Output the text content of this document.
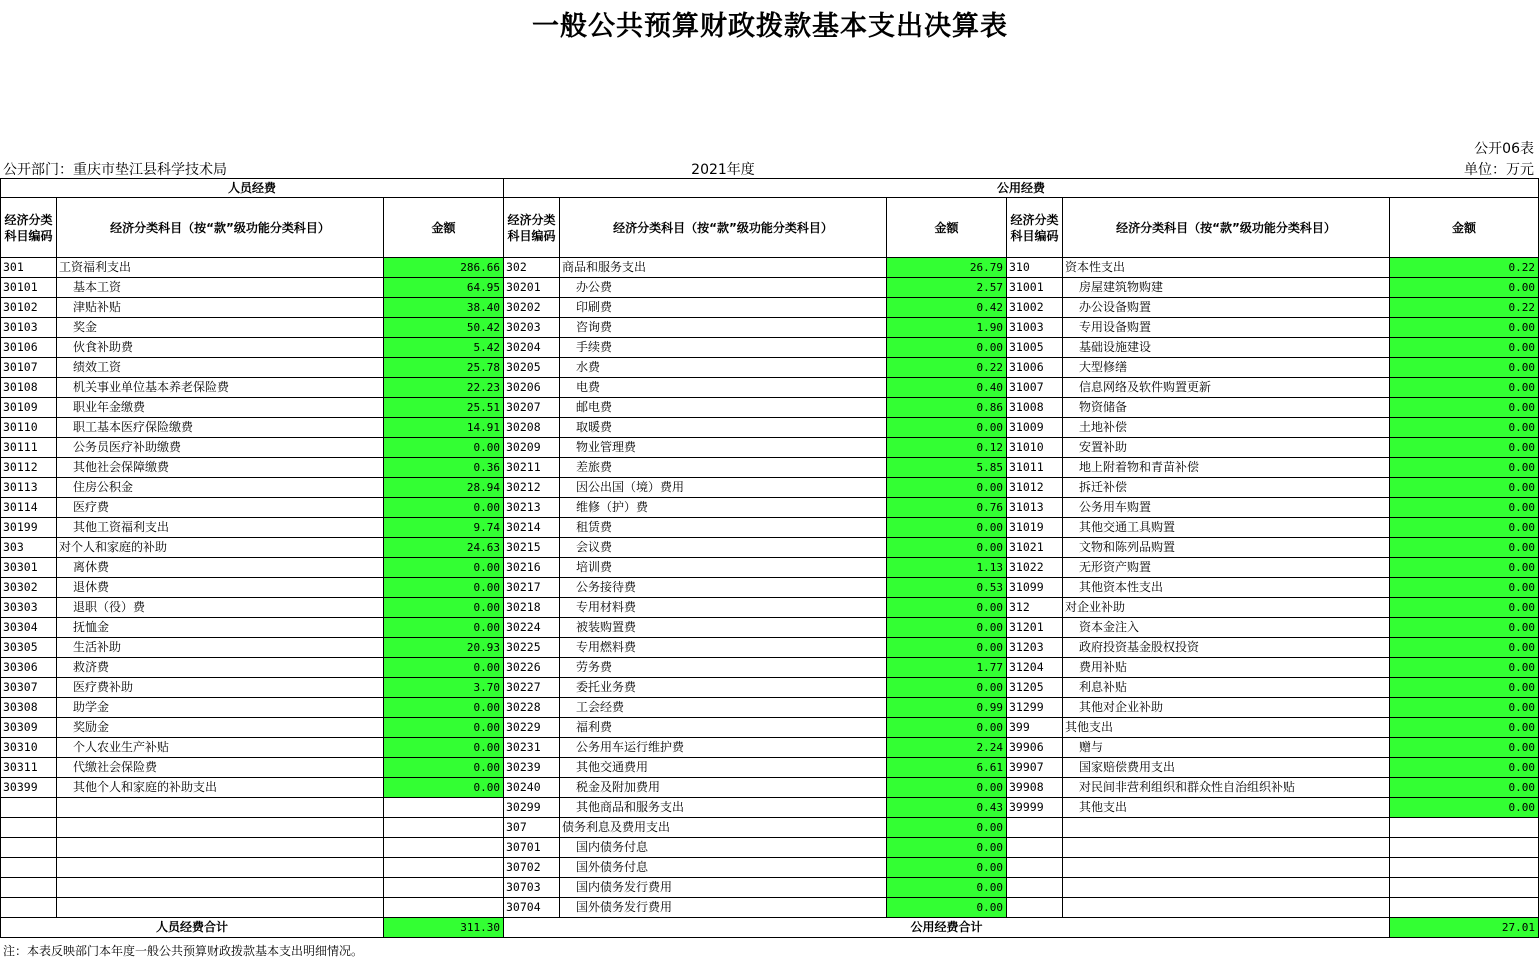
一般公共预算财政拨款基本支出决算表
公开06表
公开部门：重庆市垫江县科学技术局	2021年度	单位：万元
人员经费			公用经费					
经济分类科目编码	经济分类科目（按“款”级功能分类科目）	金额	经济分类科目编码	经济分类科目（按“款”级功能分类科目）	金额	经济分类科目编码	经济分类科目（按“款”级功能分类科目）	金额
301	工资福利支出	286.66	302	商品和服务支出	26.79	310	资本性支出	0.22
30101	基本工资	64.95	30201	办公费	2.57	31001	房屋建筑物购建	0.00
30102	津贴补贴	38.40	30202	印刷费	0.42	31002	办公设备购置	0.22
30103	奖金	50.42	30203	咨询费	1.90	31003	专用设备购置	0.00
30106	伙食补助费	5.42	30204	手续费	0.00	31005	基础设施建设	0.00
30107	绩效工资	25.78	30205	水费	0.22	31006	大型修缮	0.00
30108	机关事业单位基本养老保险费	22.23	30206	电费	0.40	31007	信息网络及软件购置更新	0.00
30109	职业年金缴费	25.51	30207	邮电费	0.86	31008	物资储备	0.00
30110	职工基本医疗保险缴费	14.91	30208	取暖费	0.00	31009	土地补偿	0.00
30111	公务员医疗补助缴费	0.00	30209	物业管理费	0.12	31010	安置补助	0.00
30112	其他社会保障缴费	0.36	30211	差旅费	5.85	31011	地上附着物和青苗补偿	0.00
30113	住房公积金	28.94	30212	因公出国（境）费用	0.00	31012	拆迁补偿	0.00
30114	医疗费	0.00	30213	维修（护）费	0.76	31013	公务用车购置	0.00
30199	其他工资福利支出	9.74	30214	租赁费	0.00	31019	其他交通工具购置	0.00
303	对个人和家庭的补助	24.63	30215	会议费	0.00	31021	文物和陈列品购置	0.00
30301	离休费	0.00	30216	培训费	1.13	31022	无形资产购置	0.00
30302	退休费	0.00	30217	公务接待费	0.53	31099	其他资本性支出	0.00
30303	退职（役）费	0.00	30218	专用材料费	0.00	312	对企业补助	0.00
30304	抚恤金	0.00	30224	被装购置费	0.00	31201	资本金注入	0.00
30305	生活补助	20.93	30225	专用燃料费	0.00	31203	政府投资基金股权投资	0.00
30306	救济费	0.00	30226	劳务费	1.77	31204	费用补贴	0.00
30307	医疗费补助	3.70	30227	委托业务费	0.00	31205	利息补贴	0.00
30308	助学金	0.00	30228	工会经费	0.99	31299	其他对企业补助	0.00
30309	奖励金	0.00	30229	福利费	0.00	399	其他支出	0.00
30310	个人农业生产补贴	0.00	30231	公务用车运行维护费	2.24	39906	赠与	0.00
30311	代缴社会保险费	0.00	30239	其他交通费用	6.61	39907	国家赔偿费用支出	0.00
30399	其他个人和家庭的补助支出	0.00	30240	税金及附加费用	0.00	39908	对民间非营利组织和群众性自治组织补贴	0.00
			30299	其他商品和服务支出	0.43	39999	其他支出	0.00
			307	债务利息及费用支出	0.00			
			30701	国内债务付息	0.00			
			30702	国外债务付息	0.00			
			30703	国内债务发行费用	0.00			
			30704	国外债务发行费用	0.00			
人员经费合计		311.30	公用经费合计					27.01
注：本表反映部门本年度一般公共预算财政拨款基本支出明细情况。
